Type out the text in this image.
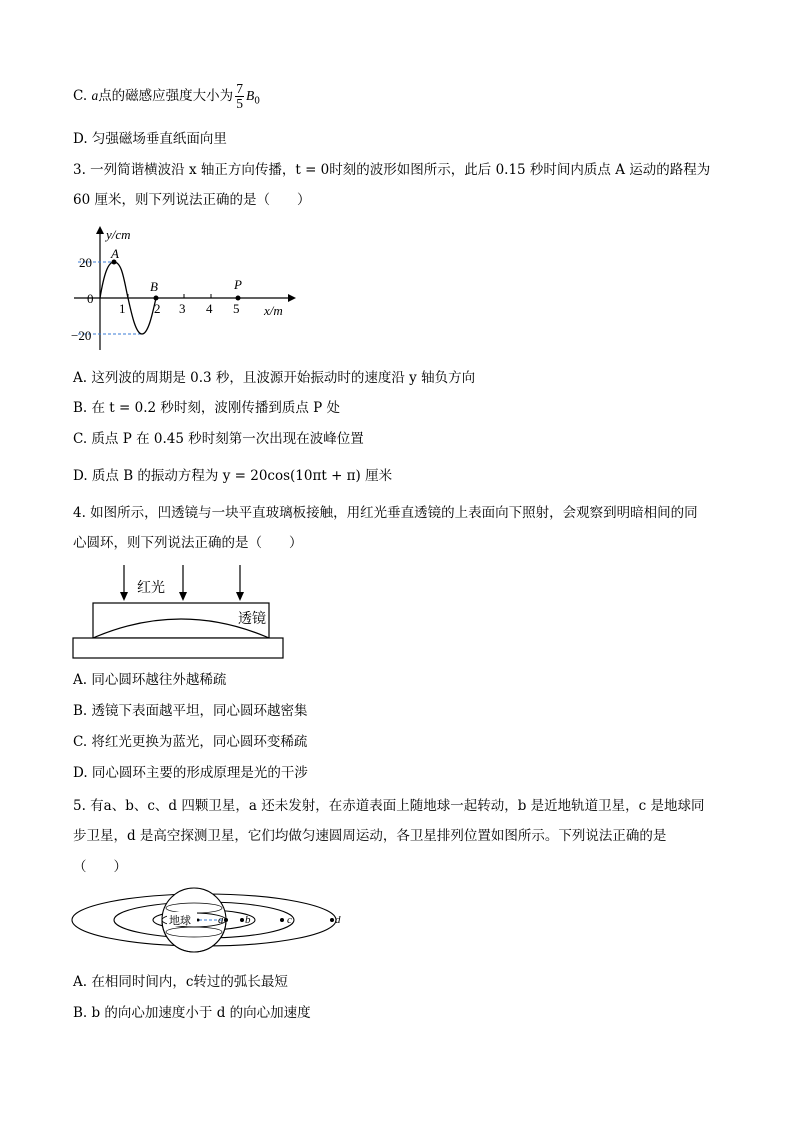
C. a点的磁感应强度大小为 $\frac{7}{5} B_0$
D. 匀强磁场垂直纸面向里
3. 一列简谐横波沿 x 轴正方向传播，t = 0时刻的波形如图所示，此后 0.15 秒时间内质点 A 运动的路程为
60 厘米，则下列说法正确的是（　　）
y/cm
20
−20
0
A
B	P
1 2 3 4 5 x/m
A. 这列波的周期是 0.3 秒，且波源开始振动时的速度沿 y 轴负方向
B. 在 t = 0.2 秒时刻，波刚传播到质点 P 处
C. 质点 P 在 0.45 秒时刻第一次出现在波峰位置
D. 质点 B 的振动方程为 y = 20cos(10πt + π) 厘米
4. 如图所示，凹透镜与一块平直玻璃板接触，用红光垂直透镜的上表面向下照射，会观察到明暗相间的同
心圆环，则下列说法正确的是（　　）
红光
透镜
A. 同心圆环越往外越稀疏
B. 透镜下表面越平坦，同心圆环越密集
C. 将红光更换为蓝光，同心圆环变稀疏
D. 同心圆环主要的形成原理是光的干涉
5. 有a、b、c、d 四颗卫星，a 还未发射，在赤道表面上随地球一起转动，b 是近地轨道卫星，c 是地球同
步卫星，d 是高空探测卫星，它们均做匀速圆周运动，各卫星排列位置如图所示。下列说法正确的是
（　　）
地球 a b	c	d
A. 在相同时间内，c转过的弧长最短
B. b 的向心加速度小于 d 的向心加速度
